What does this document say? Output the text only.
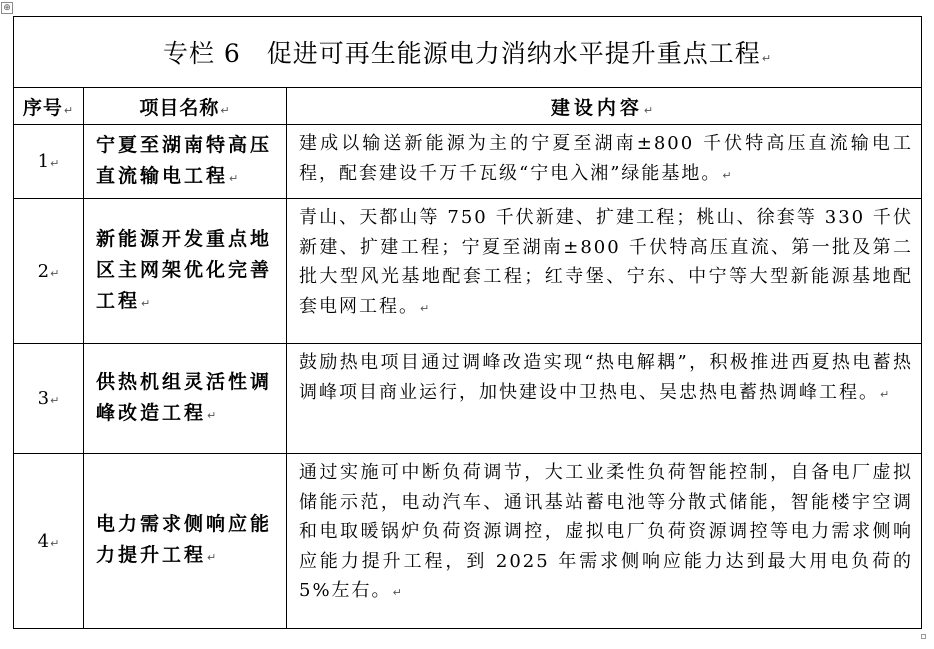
⊕
专栏 6　促进可再生能源电力消纳水平提升重点工程↵		
序号↵	项目名称↵	建设内容↵
1↵	宁夏至湖南特高压直流输电工程↵	建成以输送新能源为主的宁夏至湖南±800 千伏特高压直流输电工程，配套建设千万千瓦级“宁电入湘”绿能基地。↵
2↵	新能源开发重点地区主网架优化完善工程↵	青山、天都山等 750 千伏新建、扩建工程；桃山、徐套等 330 千伏新建、扩建工程；宁夏至湖南±800 千伏特高压直流、第一批及第二批大型风光基地配套工程；红寺堡、宁东、中宁等大型新能源基地配套电网工程。↵
3↵	供热机组灵活性调峰改造工程↵	鼓励热电项目通过调峰改造实现“热电解耦”，积极推进西夏热电蓄热调峰项目商业运行，加快建设中卫热电、吴忠热电蓄热调峰工程。↵
4↵	电力需求侧响应能力提升工程↵	通过实施可中断负荷调节，大工业柔性负荷智能控制，自备电厂虚拟储能示范，电动汽车、通讯基站蓄电池等分散式储能，智能楼宇空调和电取暖锅炉负荷资源调控，虚拟电厂负荷资源调控等电力需求侧响应能力提升工程，到 2025 年需求侧响应能力达到最大用电负荷的 5%左右。↵
